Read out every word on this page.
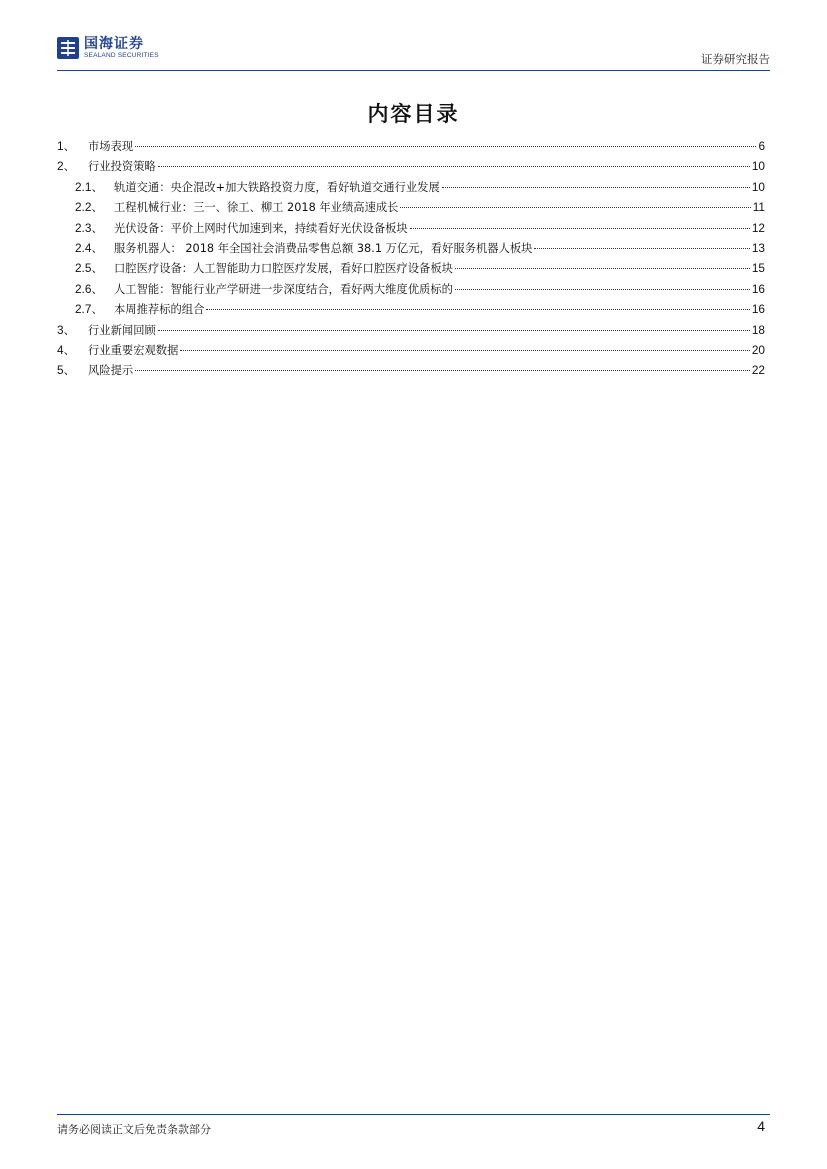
国海证券
SEALAND SECURITIES	证券研究报告
内容目录
1、	市场表现	6
2、	行业投资策略	10
2.1、 轨道交通：央企混改+加大铁路投资力度，看好轨道交通行业发展	10
2.2、 工程机械行业：三一、徐工、柳工 2018 年业绩高速成长	11
2.3、 光伏设备：平价上网时代加速到来，持续看好光伏设备板块	12
2.4、 服务机器人： 2018 年全国社会消费品零售总额 38.1 万亿元，看好服务机器人板块	13
2.5、 口腔医疗设备：人工智能助力口腔医疗发展，看好口腔医疗设备板块	15
2.6、 人工智能：智能行业产学研进一步深度结合，看好两大维度优质标的	16
2.7、 本周推荐标的组合	16
3、	行业新闻回顾	18
4、	行业重要宏观数据	20
5、	风险提示	22
请务必阅读正文后免责条款部分	4
